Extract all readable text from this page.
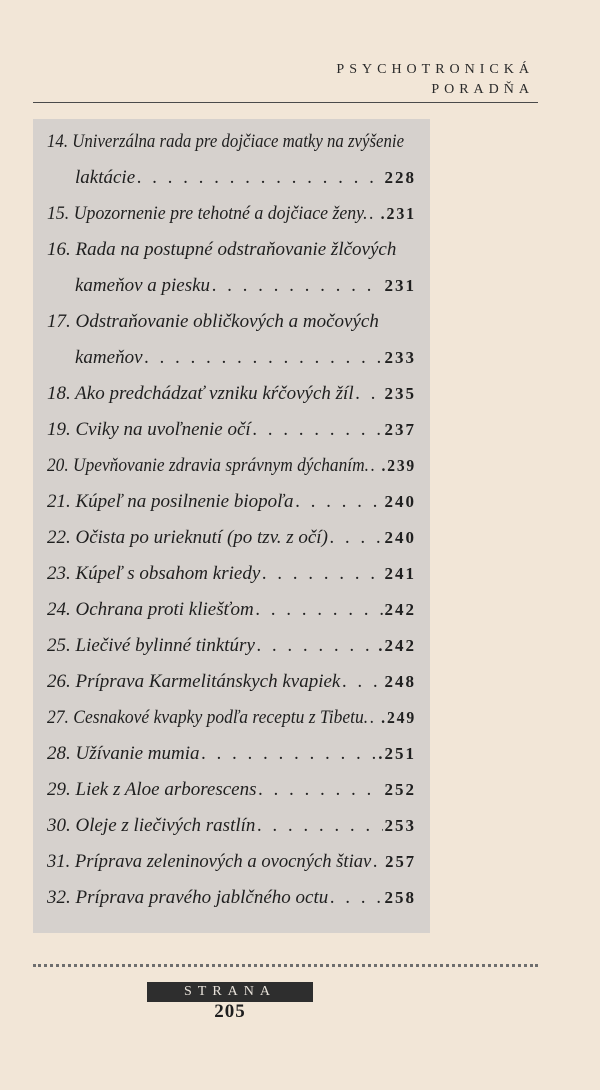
PSYCHOTRONICKÁ
PORADŇA
14. Univerzálna rada pre dojčiace matky na zvýšenie
laktácie . . .	228
15. Upozornenie pre tehotné a dojčiace ženy. . . . .231
16. Rada na postupné odstraňovanie žlčových
kameňov a piesku . . .	231
17. Odstraňovanie obličkových a močových
kameňov . . .	233
18. Ako predchádzať vzniku kŕčových žíl . . . 235
19. Cviky na uvoľnenie očí . . .	237
20. Upevňovanie zdravia správnym dýchaním. . . . .239
21. Kúpeľ na posilnenie biopoľa . . .	240
22. Očista po urieknutí (po tzv. z očí) . . .	240
23. Kúpeľ s obsahom kriedy . . .	241
24. Ochrana proti kliešťom . . .	242
25. Liečivé bylinné tinktúry . . .	.242
26. Príprava Karmelitánskych kvapiek . . .	248
27. Cesnakové kvapky podľa receptu z Tibetu. . . . .249
28. Užívanie mumia . . .	.251
29. Liek z Aloe arborescens . . .	252
30. Oleje z liečivých rastlín . . .	253
31. Príprava zeleninových a ovocných štiav . . . 257
32. Príprava pravého jablčného octu . . .	258
STRANA
205
